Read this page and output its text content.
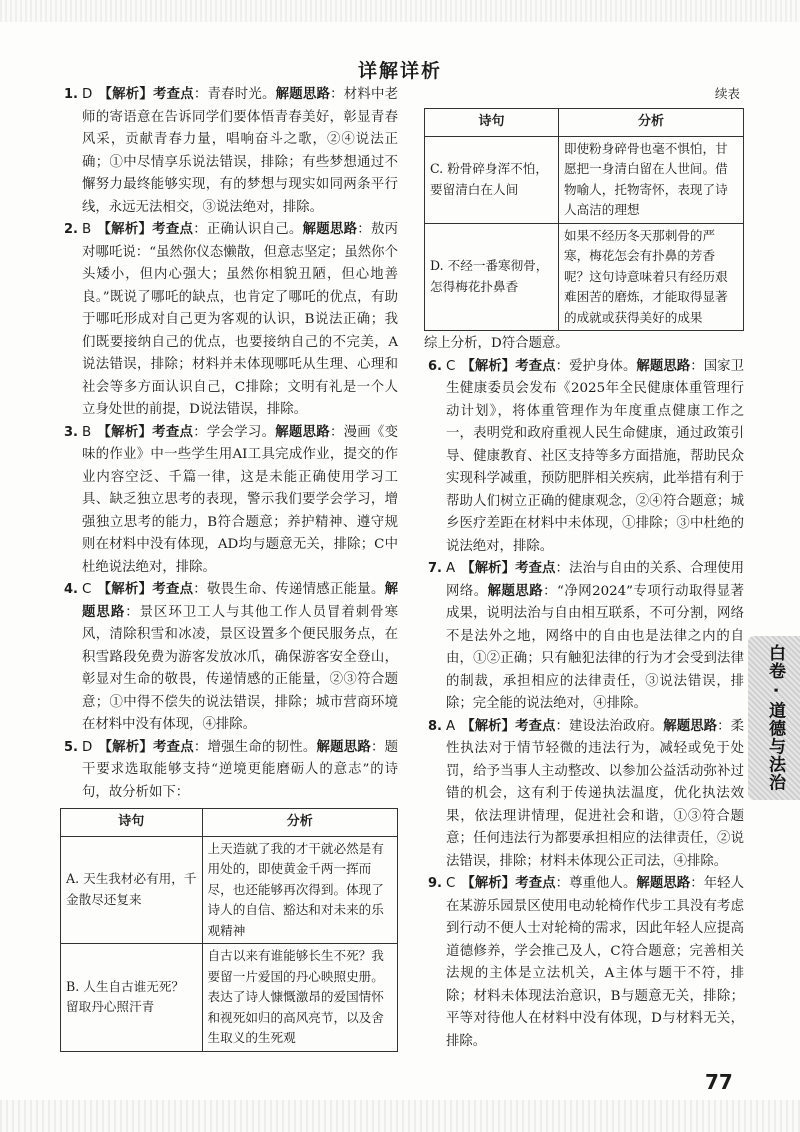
详解详析
1. D 【解析】考查点：青春时光。解题思路：材料中老师的寄语意在告诉同学们要体悟青春美好，彰显青春风采，贡献青春力量，唱响奋斗之歌，②④说法正确；①中尽情享乐说法错误，排除；有些梦想通过不懈努力最终能够实现，有的梦想与现实如同两条平行线，永远无法相交，③说法绝对，排除。
2. B 【解析】考查点：正确认识自己。解题思路：敖丙对哪吒说：“虽然你仪态懒散，但意志坚定；虽然你个头矮小，但内心强大；虽然你相貌丑陋，但心地善良。”既说了哪吒的缺点，也肯定了哪吒的优点，有助于哪吒形成对自己更为客观的认识，B说法正确；我们既要接纳自己的优点，也要接纳自己的不完美，A说法错误，排除；材料并未体现哪吒从生理、心理和社会等多方面认识自己，C排除；文明有礼是一个人立身处世的前提，D说法错误，排除。
3. B 【解析】考查点：学会学习。解题思路：漫画《变味的作业》中一些学生用AI工具完成作业，提交的作业内容空泛、千篇一律，这是未能正确使用学习工具、缺乏独立思考的表现，警示我们要学会学习，增强独立思考的能力，B符合题意；养护精神、遵守规则在材料中没有体现，AD均与题意无关，排除；C中杜绝说法绝对，排除。
4. C 【解析】考查点：敬畏生命、传递情感正能量。解题思路：景区环卫工人与其他工作人员冒着刺骨寒风，清除积雪和冰凌，景区设置多个便民服务点，在积雪路段免费为游客发放冰爪，确保游客安全登山，彰显对生命的敬畏，传递情感的正能量，②③符合题意；①中得不偿失的说法错误，排除；城市营商环境在材料中没有体现，④排除。
5. D 【解析】考查点：增强生命的韧性。解题思路：题干要求选取能够支持“逆境更能磨砺人的意志”的诗句，故分析如下：
诗句	分析
A. 天生我材必有用，千金散尽还复来	上天造就了我的才干就必然是有用处的，即使黄金千两一挥而尽，也还能够再次得到。体现了诗人的自信、豁达和对未来的乐观精神
B. 人生自古谁无死？留取丹心照汗青	自古以来有谁能够长生不死？我要留一片爱国的丹心映照史册。表达了诗人慷慨激昂的爱国情怀和视死如归的高风亮节，以及舍生取义的生死观
续表
诗句	分析
C. 粉骨碎身浑不怕，要留清白在人间	即使粉身碎骨也毫不惧怕，甘愿把一身清白留在人世间。借物喻人，托物寄怀，表现了诗人高洁的理想
D. 不经一番寒彻骨，怎得梅花扑鼻香	如果不经历冬天那刺骨的严寒，梅花怎会有扑鼻的芳香呢？这句诗意味着只有经历艰难困苦的磨炼，才能取得显著的成就或获得美好的成果
综上分析，D符合题意。
6. C 【解析】考查点：爱护身体。解题思路：国家卫生健康委员会发布《2025年全民健康体重管理行动计划》，将体重管理作为年度重点健康工作之一，表明党和政府重视人民生命健康，通过政策引导、健康教育、社区支持等多方面措施，帮助民众实现科学减重，预防肥胖相关疾病，此举措有利于帮助人们树立正确的健康观念，②④符合题意；城乡医疗差距在材料中未体现，①排除；③中杜绝的说法绝对，排除。
7. A 【解析】考查点：法治与自由的关系、合理使用网络。解题思路：“净网2024”专项行动取得显著成果，说明法治与自由相互联系，不可分割，网络不是法外之地，网络中的自由也是法律之内的自由，①②正确；只有触犯法律的行为才会受到法律的制裁，承担相应的法律责任，③说法错误，排除；完全能的说法绝对，④排除。
8. A 【解析】考查点：建设法治政府。解题思路：柔性执法对于情节轻微的违法行为，减轻或免于处罚，给予当事人主动整改、以参加公益活动弥补过错的机会，这有利于传递执法温度，优化执法效果，依法理讲情理，促进社会和谐，①③符合题意；任何违法行为都要承担相应的法律责任，②说法错误，排除；材料未体现公正司法，④排除。
9. C 【解析】考查点：尊重他人。解题思路：年轻人在某游乐园景区使用电动轮椅作代步工具没有考虑到行动不便人士对轮椅的需求，因此年轻人应提高道德修养，学会推己及人，C符合题意；完善相关法规的主体是立法机关，A主体与题干不符，排除；材料未体现法治意识，B与题意无关，排除；平等对待他人在材料中没有体现，D与材料无关，排除。
白卷 · 道德与法治
77
